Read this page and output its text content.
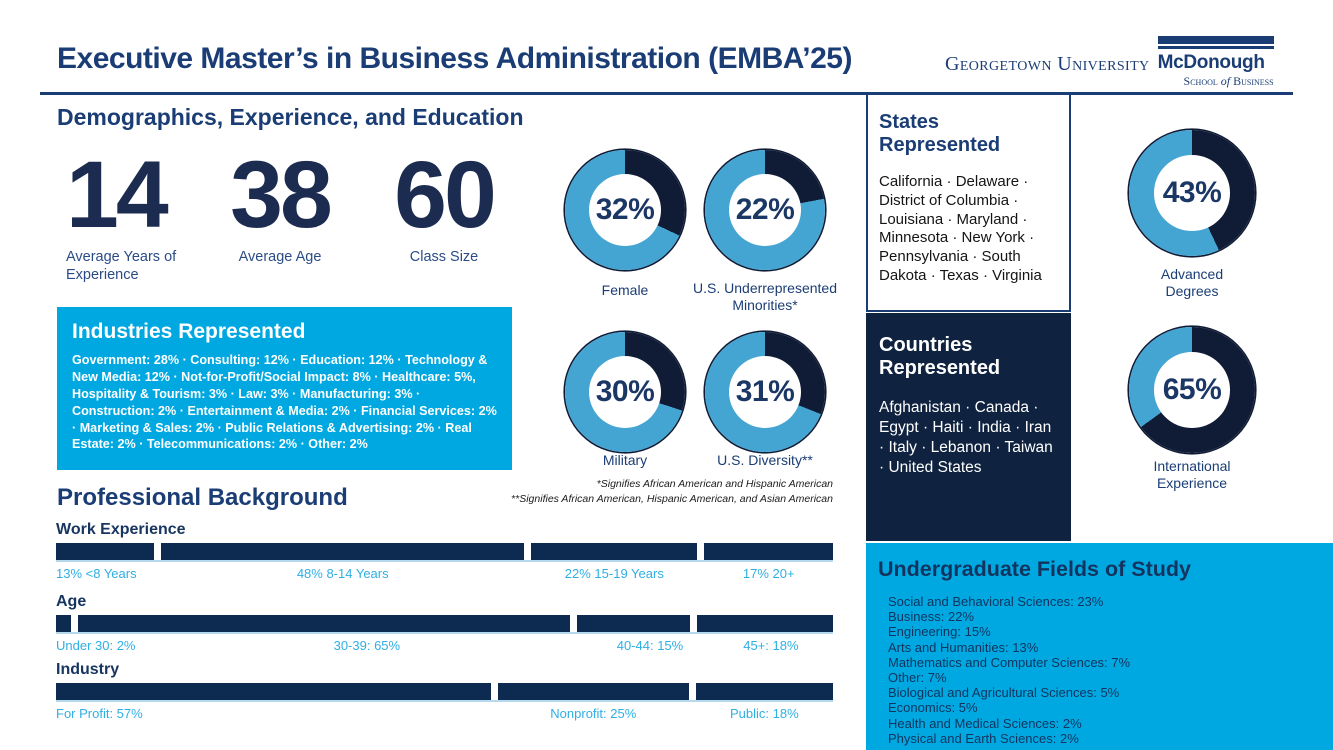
Executive Master’s in Business Administration (EMBA’25)	Georgetown University McDonough
School of Business
Demographics, Experience, and Education
14
Average Years of Experience
38
Average Age
60
Class Size
Industries Represented

Government: 28% · Consulting: 12% · Education: 12% · Technology & New Media: 12% · Not-for-Profit/Social Impact: 8% · Healthcare: 5%, Hospitality & Tourism: 3% · Law: 3% · Manufacturing: 3% · Construction: 2% · Entertainment & Media: 2% · Financial Services: 2% · Marketing & Sales: 2% · Public Relations & Advertising: 2% · Real Estate: 2% · Telecommunications: 2% · Other: 2%

32%	22%
Female	U.S. Underrepresented Minorities*
30%	31%
Military	U.S. Diversity**
*Signifies African American and Hispanic American
**Signifies African American, Hispanic American, and Asian American
Professional Background
Work Experience
13% <8 Years	48% 8-14 Years	22% 15-19 Years	17% 20+
Age
Under 30: 2%	30-39: 65%	40-44: 15%	45+: 18%
Industry
For Profit: 57%	Nonprofit: 25%	Public: 18%
States Represented

California · Delaware · District of Columbia · Louisiana · Maryland · Minnesota · New York · Pennsylvania · South Dakota · Texas · Virginia

Countries Represented

Afghanistan · Canada · Egypt · Haiti · India · Iran · Italy · Lebanon · Taiwan · United States

43%
Advanced Degrees
65%
International Experience
Undergraduate Fields of Study
Social and Behavioral Sciences: 23%
Business: 22%
Engineering: 15%
Arts and Humanities: 13%
Mathematics and Computer Sciences: 7%
Other: 7%
Biological and Agricultural Sciences: 5%
Economics: 5%
Health and Medical Sciences: 2%
Physical and Earth Sciences: 2%
